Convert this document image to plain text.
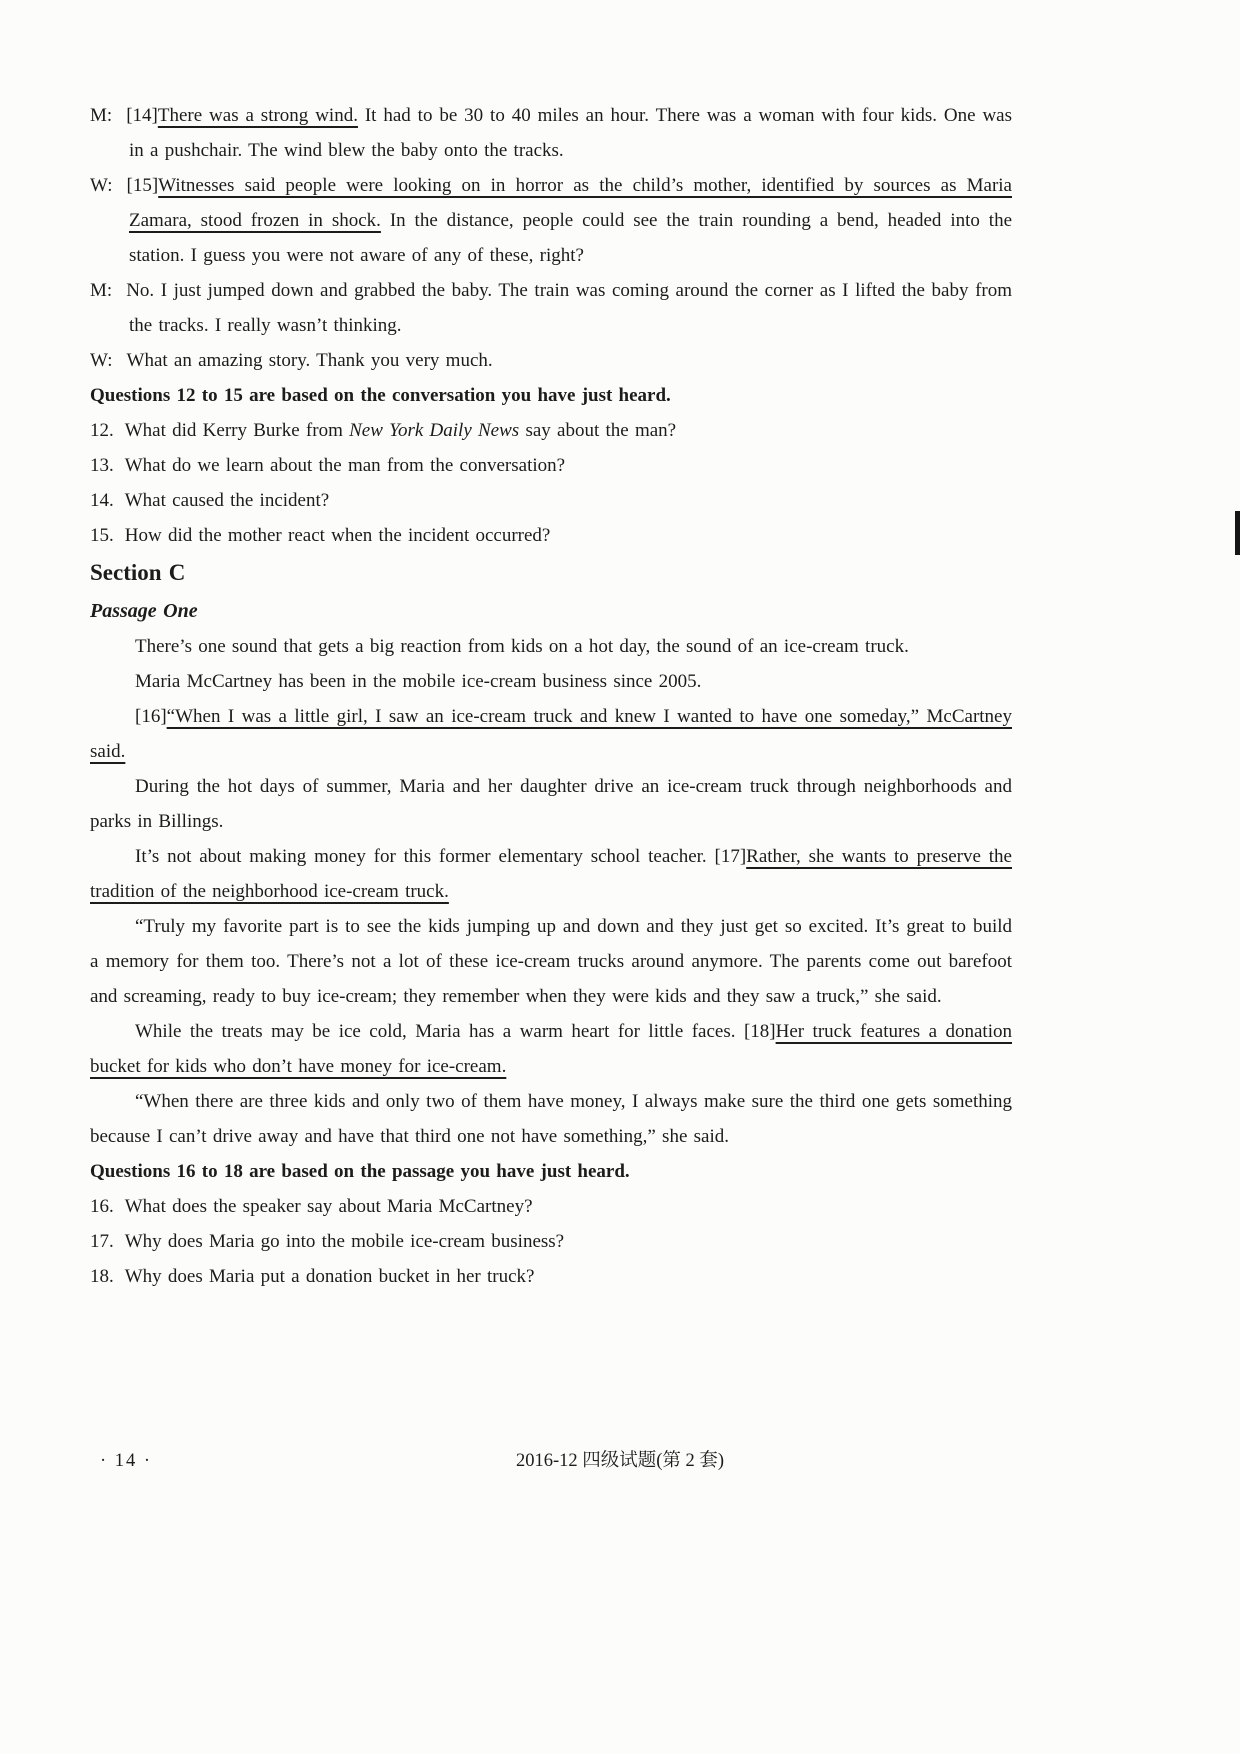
M: [14]There was a strong wind. It had to be 30 to 40 miles an hour. There was a woman with four kids. One was in a pushchair. The wind blew the baby onto the tracks.

W: [15]Witnesses said people were looking on in horror as the child’s mother, identified by sources as Maria Zamara, stood frozen in shock. In the distance, people could see the train rounding a bend, headed into the station. I guess you were not aware of any of these, right?

M: No. I just jumped down and grabbed the baby. The train was coming around the corner as I lifted the baby from the tracks. I really wasn’t thinking.

W: What an amazing story. Thank you very much.

Questions 12 to 15 are based on the conversation you have just heard.

12. What did Kerry Burke from New York Daily News say about the man?

13. What do we learn about the man from the conversation?

14. What caused the incident?

15. How did the mother react when the incident occurred?

Section C
Passage One

There’s one sound that gets a big reaction from kids on a hot day, the sound of an ice-cream truck.

Maria McCartney has been in the mobile ice-cream business since 2005.

[16]“When I was a little girl, I saw an ice-cream truck and knew I wanted to have one someday,” McCartney said.

During the hot days of summer, Maria and her daughter drive an ice-cream truck through neighborhoods and parks in Billings.

It’s not about making money for this former elementary school teacher. [17]Rather, she wants to preserve the tradition of the neighborhood ice-cream truck.

“Truly my favorite part is to see the kids jumping up and down and they just get so excited. It’s great to build a memory for them too. There’s not a lot of these ice-cream trucks around anymore. The parents come out barefoot and screaming, ready to buy ice-cream; they remember when they were kids and they saw a truck,” she said.

While the treats may be ice cold, Maria has a warm heart for little faces. [18]Her truck features a donation bucket for kids who don’t have money for ice-cream.

“When there are three kids and only two of them have money, I always make sure the third one gets something because I can’t drive away and have that third one not have something,” she said.

Questions 16 to 18 are based on the passage you have just heard.

16. What does the speaker say about Maria McCartney?

17. Why does Maria go into the mobile ice-cream business?

18. Why does Maria put a donation bucket in her truck?

· 14 ·	2016-12 四级试题(第 2 套)
